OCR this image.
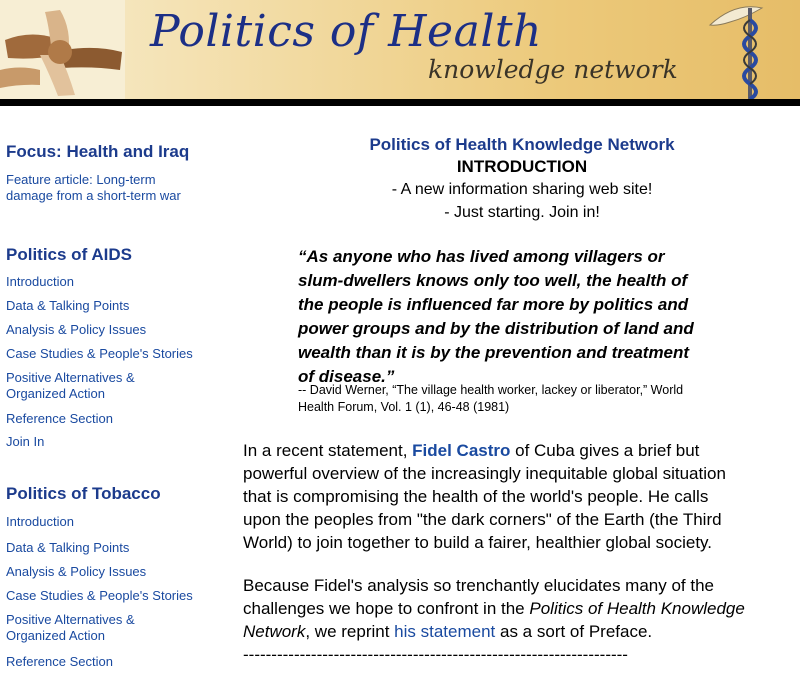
Politics of Health
knowledge network
Focus: Health and Iraq
Feature article: Long-term
damage from a short-term war
Politics of AIDS
Introduction
Data & Talking Points
Analysis & Policy Issues
Case Studies & People's Stories
Positive Alternatives &
Organized Action
Reference Section
Join In
Politics of Tobacco
Introduction
Data & Talking Points
Analysis & Policy Issues
Case Studies & People's Stories
Positive Alternatives &
Organized Action
Reference Section
Politics of Health Knowledge Network
INTRODUCTION
- A new information sharing web site!
- Just starting. Join in!
“As anyone who has lived among villagers or
slum-dwellers knows only too well, the health of
the people is influenced far more by politics and
power groups and by the distribution of land and
wealth than it is by the prevention and treatment
of disease.”
-- David Werner, “The village health worker, lackey or liberator,” World
Health Forum, Vol. 1 (1), 46-48 (1981)
In a recent statement, Fidel Castro of Cuba gives a brief but
powerful overview of the increasingly inequitable global situation
that is compromising the health of the world's people. He calls
upon the peoples from "the dark corners" of the Earth (the Third
World) to join together to build a fairer, healthier global society.
Because Fidel's analysis so trenchantly elucidates many of the
challenges we hope to confront in the Politics of Health Knowledge
Network, we reprint his statement as a sort of Preface.
--------------------------------------------------------------------
